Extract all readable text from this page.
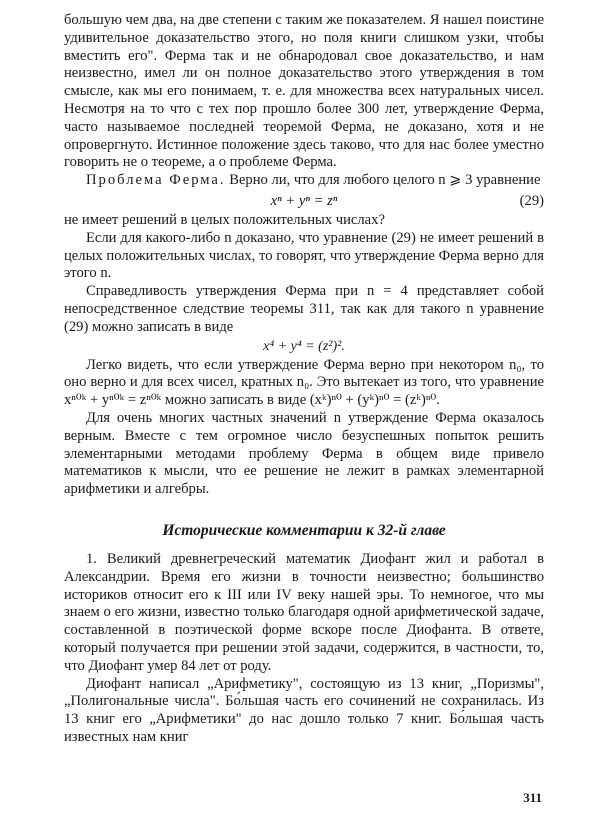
большую чем два, на две степени с таким же показателем. Я нашел поистине удивительное доказательство этого, но поля книги слишком узки, чтобы вместить его". Ферма так и не обнародовал свое доказательство, и нам неизвестно, имел ли он полное доказательство этого утверждения в том смысле, как мы его понимаем, т. е. для множества всех натуральных чисел. Несмотря на то что с тех пор прошло более 300 лет, утверждение Ферма, часто называемое последней теоремой Ферма, не доказано, хотя и не опровергнуто. Истинное положение здесь таково, что для нас более уместно говорить не о теореме, а о проблеме Ферма.

Проблема Ферма. Верно ли, что для любого целого n ⩾ 3 уравнение

xⁿ + yⁿ = zⁿ	(29)

не имеет решений в целых положительных числах?

Если для какого-либо n доказано, что уравнение (29) не имеет решений в целых положительных числах, то говорят, что утверждение Ферма верно для этого n.

Справедливость утверждения Ферма при n = 4 представляет собой непосредственное следствие теоремы 311, так как для такого n уравнение (29) можно записать в виде

x⁴ + y⁴ = (z²)².

Легко видеть, что если утверждение Ферма верно при некотором n₀, то оно верно и для всех чисел, кратных n₀. Это вытекает из того, что уравнение xⁿ⁰ᵏ + yⁿ⁰ᵏ = zⁿ⁰ᵏ можно записать в виде (xᵏ)ⁿ⁰ + (yᵏ)ⁿ⁰ = (zᵏ)ⁿ⁰.

Для очень многих частных значений n утверждение Ферма оказалось верным. Вместе с тем огромное число безуспешных попыток решить элементарными методами проблему Ферма в общем виде привело математиков к мысли, что ее решение не лежит в рамках элементарной арифметики и алгебры.

Исторические комментарии к 32-й главе

1. Великий древнегреческий математик Диофант жил и работал в Александрии. Время его жизни в точности неизвестно; большинство историков относит его к III или IV веку нашей эры. То немногое, что мы знаем о его жизни, известно только благодаря одной арифметической задаче, составленной в поэтической форме вскоре после Диофанта. В ответе, который получается при решении этой задачи, содержится, в частности, то, что Диофант умер 84 лет от роду.

Диофант написал „Арифметику", состоящую из 13 книг, „Поризмы", „Полигональные числа". Бо́льшая часть его сочинений не сохранилась. Из 13 книг его „Арифметики" до нас дошло только 7 книг. Бо́льшая часть известных нам книг

311
